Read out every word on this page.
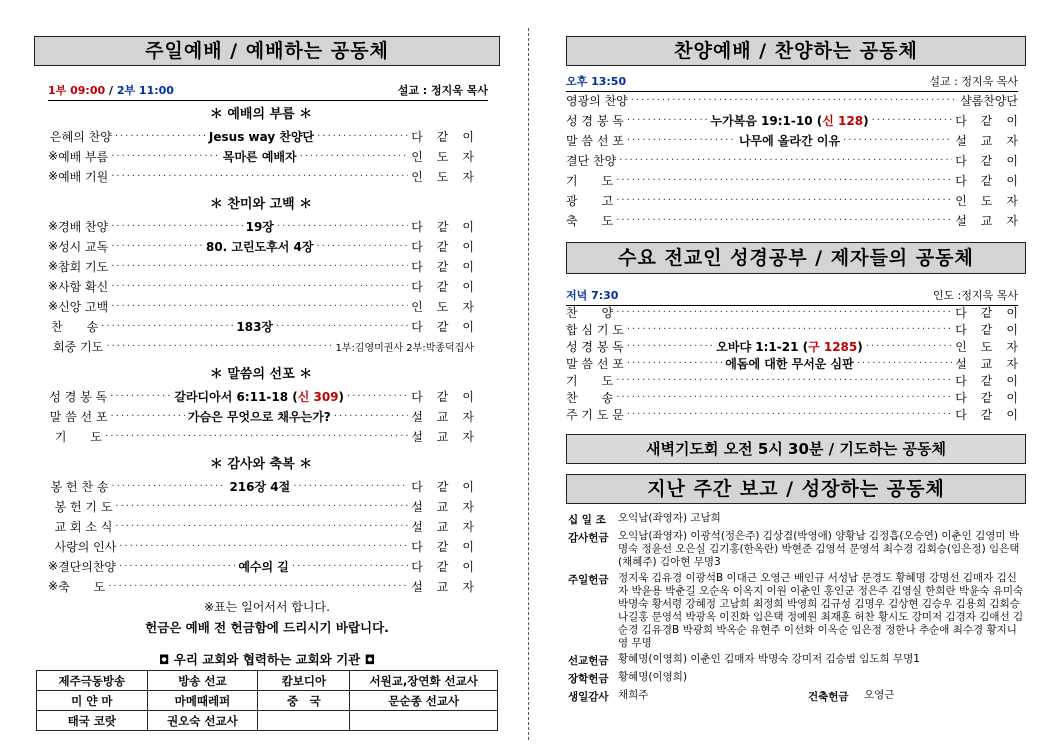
주일예배 / 예배하는 공동체
1부 09:00 / 2부 11:00	설교 : 정지욱 목사
＊ 예배의 부름 ＊
은혜의 찬양 ·····	Jesus way 찬양단 ·····	다같이
※ 예배 부름 ·····	목마른 예배자 ·····	인도자
※ 예배 기원 ·····	인도자
＊ 찬미와 고백 ＊
※ 경배 찬양 ·····	19장 ·····	다같이
※ 성시 교독 ·····	80. 고린도후서 4장 ·····	다같이
※ 참회 기도 ·····	다같이
※ 사함 확신 ·····	다같이
※ 신앙 고백 ·····	인도자
찬　　송 ·····	183장 ·····	다같이
회중 기도 ·····	1부:김영미권사 2부:박종덕집사
＊ 말씀의 선포 ＊
성 경 봉 독 ·····	갈라디아서 6:11-18 (신 309) ·····	다같이
말 씀 선 포 ·····	가슴은 무엇으로 채우는가? ·····	설교자
기　　도 ·····	설교자
＊ 감사와 축복 ＊
봉 헌 찬 송 ·····	216장 4절 ·····	다같이
봉 헌 기 도 ·····	설교자
교 회 소 식 ·····	설교자
사랑의 인사 ·····	다같이
※ 결단의찬양 ·····	예수의 길 ·····	다같이
※ 축　　도 ·····	설교자
※표는 일어서서 합니다.
헌금은 예배 전 헌금함에 드리시기 바랍니다.
◘ 우리 교회와 협력하는 교회와 기관 ◘
제주극동방송	방송 선교	캄보디아	서원교,장연화 선교사
미 얀 마	마메때레퍼	중　국	문순종 선교사
태국 코랏	권오숙 선교사		
찬양예배 / 찬양하는 공동체
오후 13:50	설교 : 정지욱 목사
영광의 찬양 ·····	샬롬찬양단
성 경 봉 독 ·····	누가복음 19:1-10 (신 128) ·····	다같이
말 씀 선 포 ·····	나무에 올라간 이유 ·····	설교자
결단 찬양 ·····	다같이
기　　도 ·····	다같이
광　　고 ·····	인도자
축　　도 ·····	설교자
수요 전교인 성경공부 / 제자들의 공동체
저녁 7:30	인도 :정지욱 목사
찬　　양 ·····	다같이
합 심 기 도 ·····	다같이
성 경 봉 독 ·····	오바댜 1:1-21 (구 1285) ·····	인도자
말 씀 선 포 ·····	에돔에 대한 무서운 심판 ·····	설교자
기　　도 ·····	다같이
찬　　송 ·····	다같이
주 기 도 문 ·····	다같이
새벽기도회 오전 5시 30분 / 기도하는 공동체
지난 주간 보고 / 성장하는 공동체
십 일 조	오익남(좌영자) 고남희
감사헌금 오익남(좌영자) 이광석(정은주) 김상겸(박영애) 양황남 김정흡(오승연) 이춘인 김영미 박명숙 정윤선 오은실 김기홍(한옥란) 박현준 김영석 문영석 최수경 김회승(임은정) 임은택(채혜주) 김아현 무명3
주일헌금 정지욱 김유경 이광석B 이대근 오영근 배인규 서성남 문경도 황혜명 강명선 김매자 김신자 박윤용 박춘길 오순옥 이옥지 이원 이춘인 홍인군 정은주 김영실 한희란 박윤숙 유미숙 박명숙 황서령 강혜정 고남희 최정희 박영희 김규성 김명우 김상현 김승우 김용희 김회승 나길홍 문영석 박광옥 이진화 임은택 정예원 최재훈 허찬 황시도 강미저 김경자 김애선 김순경 김유경B 박광희 박옥순 유현주 이선화 이옥순 임은정 정한나 추순애 최수경 황지니영 무명
선교헌금 황혜명(이영희) 이춘인 김매자 박명숙 강미저 김승범 임도희 무명1
장학헌금 황혜명(이영희)
생일감사 채희주	건축헌금	오영근
